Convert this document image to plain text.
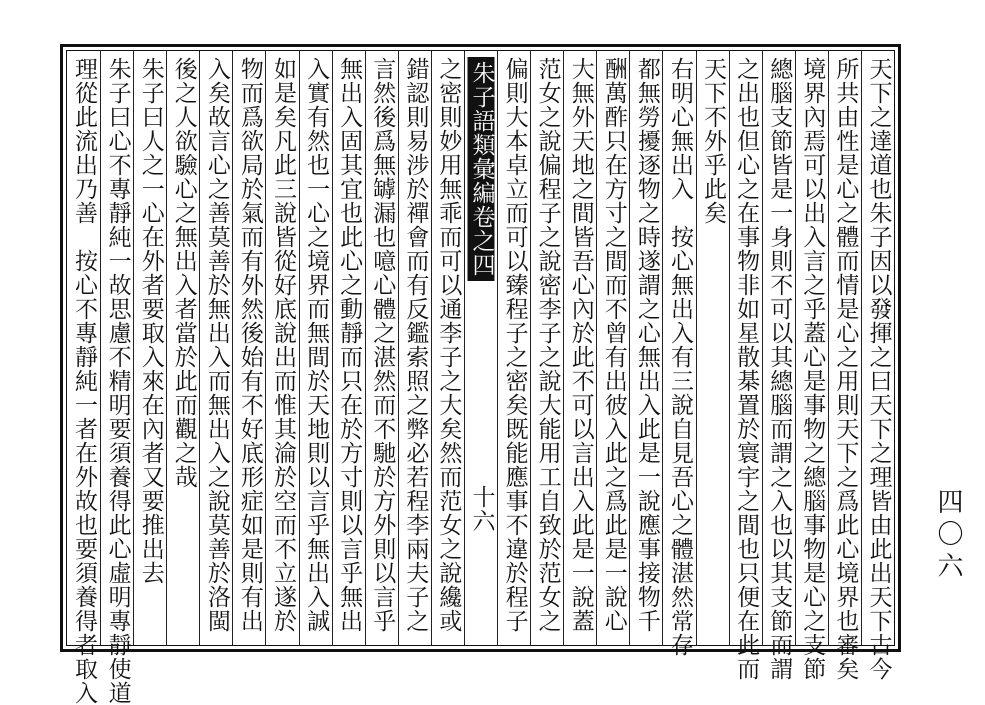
天下之達道也朱子因以發揮之曰天下之理皆由此出天下古今
所共由性是心之體而情是心之用則天下之爲此心境界也審矣
境界內焉可以出入言之乎蓋心是事物之總腦事物是心之支節
總腦支節皆是一身則不可以其總腦而謂之入也以其支節而謂
之出也但心之在事物非如星散棊置於寰宇之間也只便在此而
天下不外乎此矣
右明心無出入　按心無出入有三說自見吾心之體湛然常存
都無勞擾逐物之時遂謂之心無出入此是一說應事接物千
酬萬酢只在方寸之間而不曾有出彼入此之爲此是一說心
大無外天地之間皆吾心內於此不可以言出入此是一說蓋
范女之說偏程子之說密李子之說大能用工自致於范女之
偏則大本卓立而可以臻程子之密矣既能應事不違於程子
朱子語類彙編卷之四
十六
之密則妙用無乖而可以通李子之大矣然而范女之說纔或
錯認則易涉於禪會而有反鑑索照之弊必若程李兩夫子之
言然後爲無罅漏也噫心體之湛然而不馳於方外則以言乎
無出入固其宜也此心之動靜而只在於方寸則以言乎無出
入實有然也一心之境界而無間於天地則以言乎無出入誠
如是矣凡此三說皆從好底說出而惟其淪於空而不立遂於
物而爲欲局於氣而有外然後始有不好底形症如是則有出
入矣故言心之善莫善於無出入而無出入之說莫善於洛閩
後之人欲驗心之無出入者當於此而觀之哉
朱子曰人之一心在外者要取入來在內者又要推出去
朱子曰心不專靜純一故思慮不精明要須養得此心虛明專靜使道
理從此流出乃善　按心不專靜純一者在外故也要須養得者取入	四〇六
